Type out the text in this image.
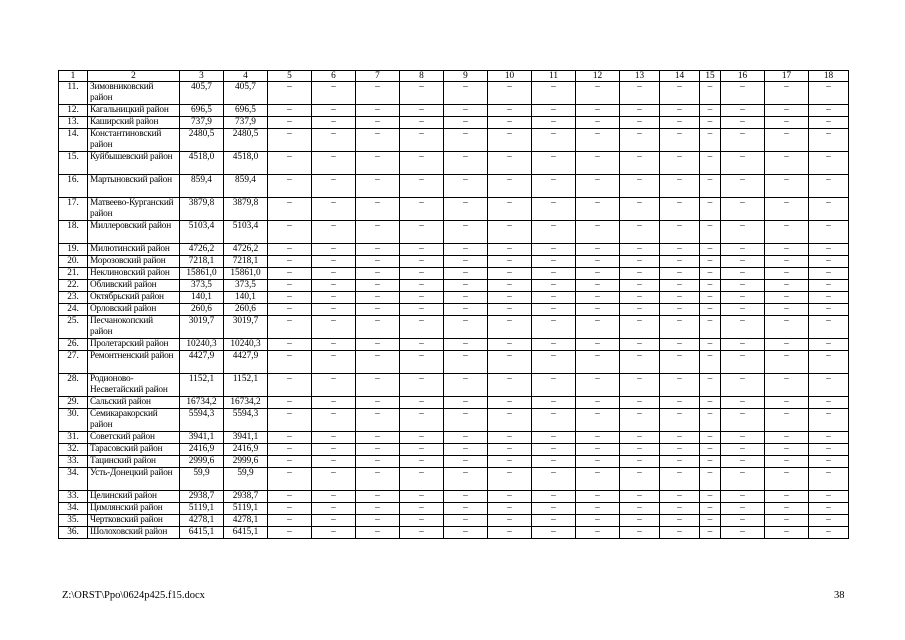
1	2	3	4	5	6	7	8	9	10	11	12	13	14	15	16	17	18
11.	Зимовниковский район	405,7	405,7	–	–	–	–	–	–	–	–	–	–	–	–	–	–
12.	Кагальницкий район	696,5	696,5	–	–	–	–	–	–	–	–	–	–	–	–	–	–
13.	Каширский район	737,9	737,9	–	–	–	–	–	–	–	–	–	–	–	–	–	–
14.	Константиновский район	2480,5	2480,5	–	–	–	–	–	–	–	–	–	–	–	–	–	–
15.	Куйбышевский район	4518,0	4518,0	–	–	–	–	–	–	–	–	–	–	–	–	–	–
16.	Мартыновский район	859,4	859,4	–	–	–	–	–	–	–	–	–	–	–	–	–	–
17.	Матвеево-Курганский район	3879,8	3879,8	–	–	–	–	–	–	–	–	–	–	–	–	–	–
18.	Миллеровский район	5103,4	5103,4	–	–	–	–	–	–	–	–	–	–	–	–	–	–
19.	Милютинский район	4726,2	4726,2	–	–	–	–	–	–	–	–	–	–	–	–	–	–
20.	Морозовский район	7218,1	7218,1	–	–	–	–	–	–	–	–	–	–	–	–	–	–
21.	Неклиновский район	15861,0	15861,0	–	–	–	–	–	–	–	–	–	–	–	–	–	–
22.	Обливский район	373,5	373,5	–	–	–	–	–	–	–	–	–	–	–	–	–	–
23.	Октябрьский район	140,1	140,1	–	–	–	–	–	–	–	–	–	–	–	–	–	–
24.	Орловский район	260,6	260,6	–	–	–	–	–	–	–	–	–	–	–	–	–	–
25.	Песчанокопский район	3019,7	3019,7	–	–	–	–	–	–	–	–	–	–	–	–	–	–
26.	Пролетарский район	10240,3	10240,3	–	–	–	–	–	–	–	–	–	–	–	–	–	–
27.	Ремонтненский район	4427,9	4427,9	–	–	–	–	–	–	–	–	–	–	–	–	–	–
28.	Родионово-Несветайский район	1152,1	1152,1	–	–	–	–	–	–	–	–	–	–	–	–	–	–
29.	Сальский район	16734,2	16734,2	–	–	–	–	–	–	–	–	–	–	–	–	–	–
30.	Семикаракорский район	5594,3	5594,3	–	–	–	–	–	–	–	–	–	–	–	–	–	–
31.	Советский район	3941,1	3941,1	–	–	–	–	–	–	–	–	–	–	–	–	–	–
32.	Тарасовский район	2416,9	2416,9	–	–	–	–	–	–	–	–	–	–	–	–	–	–
33.	Тацинский район	2999,6	2999,6	–	–	–	–	–	–	–	–	–	–	–	–	–	–
34.	Усть-Донецкий район	59,9	59,9	–	–	–	–	–	–	–	–	–	–	–	–	–	–
33.	Целинский район	2938,7	2938,7	–	–	–	–	–	–	–	–	–	–	–	–	–	–
34.	Цимлянский район	5119,1	5119,1	–	–	–	–	–	–	–	–	–	–	–	–	–	–
35.	Чертковский район	4278,1	4278,1	–	–	–	–	–	–	–	–	–	–	–	–	–	–
36.	Шолоховский район	6415,1	6415,1	–	–	–	–	–	–	–	–	–	–	–	–	–	–
Z:\ORST\Ppo\0624p425.f15.docx	38
